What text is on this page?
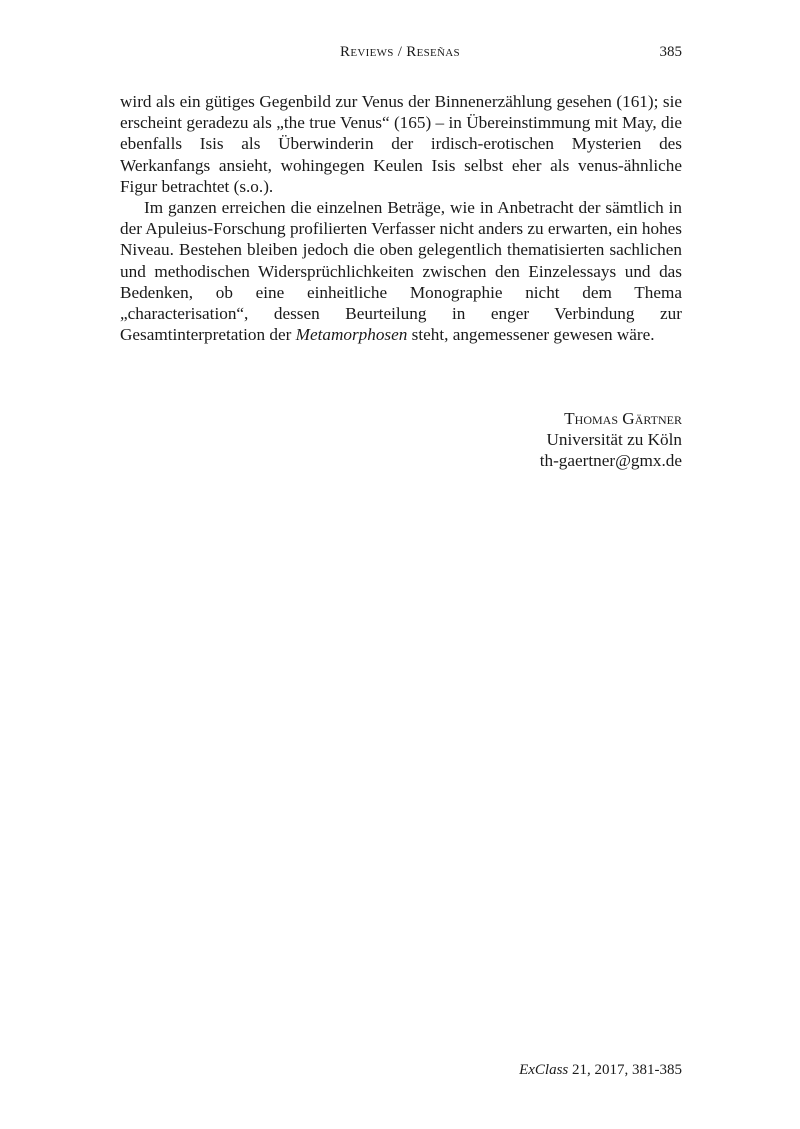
Reviews / Reseñas	385

wird als ein gütiges Gegenbild zur Venus der Binnenerzählung gesehen (161); sie erscheint geradezu als „the true Venus“ (165) – in Übereinstimmung mit May, die ebenfalls Isis als Überwinderin der irdisch-erotischen Mysterien des Werkanfangs ansieht, wohingegen Keulen Isis selbst eher als venus-ähnliche Figur betrachtet (s.o.).

Im ganzen erreichen die einzelnen Beträge, wie in Anbetracht der sämtlich in der Apuleius-Forschung profilierten Verfasser nicht anders zu erwarten, ein hohes Niveau. Bestehen bleiben jedoch die oben gelegentlich thematisierten sachlichen und methodischen Widersprüchlichkeiten zwischen den Einzelessays und das Bedenken, ob eine einheitliche Monographie nicht dem Thema „characterisation“, dessen Beurteilung in enger Verbindung zur Gesamtinterpretation der Metamorphosen steht, angemessener gewesen wäre.

Thomas Gärtner
Universität zu Köln
th-gaertner@gmx.de
ExClass 21, 2017, 381-385
